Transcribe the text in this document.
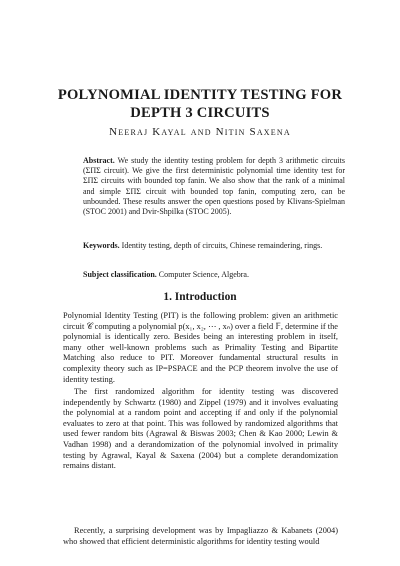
POLYNOMIAL IDENTITY TESTING FOR
DEPTH 3 CIRCUITS
Neeraj Kayal and Nitin Saxena
Abstract. We study the identity testing problem for depth 3 arithmetic circuits (ΣΠΣ circuit). We give the first deterministic polynomial time identity test for ΣΠΣ circuits with bounded top fanin. We also show that the rank of a minimal and simple ΣΠΣ circuit with bounded top fanin, computing zero, can be unbounded. These results answer the open questions posed by Klivans-Spielman (STOC 2001) and Dvir-Shpilka (STOC 2005).
Keywords. Identity testing, depth of circuits, Chinese remaindering, rings.
Subject classification. Computer Science, Algebra.
1. Introduction
Polynomial Identity Testing (PIT) is the following problem: given an arithmetic circuit 𝒞 computing a polynomial p(x₁, x₂, ⋯ , xₙ) over a field 𝔽, determine if the polynomial is identically zero. Besides being an interesting problem in itself, many other well-known problems such as Primality Testing and Bipartite Matching also reduce to PIT. Moreover fundamental structural results in complexity theory such as IP=PSPACE and the PCP theorem involve the use of identity testing.
The first randomized algorithm for identity testing was discovered independently by Schwartz (1980) and Zippel (1979) and it involves evaluating the polynomial at a random point and accepting if and only if the polynomial evaluates to zero at that point. This was followed by randomized algorithms that used fewer random bits (Agrawal & Biswas 2003; Chen & Kao 2000; Lewin & Vadhan 1998) and a derandomization of the polynomial involved in primality testing by Agrawal, Kayal & Saxena (2004) but a complete derandomization remains distant.
Recently, a surprising development was by Impagliazzo & Kabanets (2004) who showed that efficient deterministic algorithms for identity testing would
